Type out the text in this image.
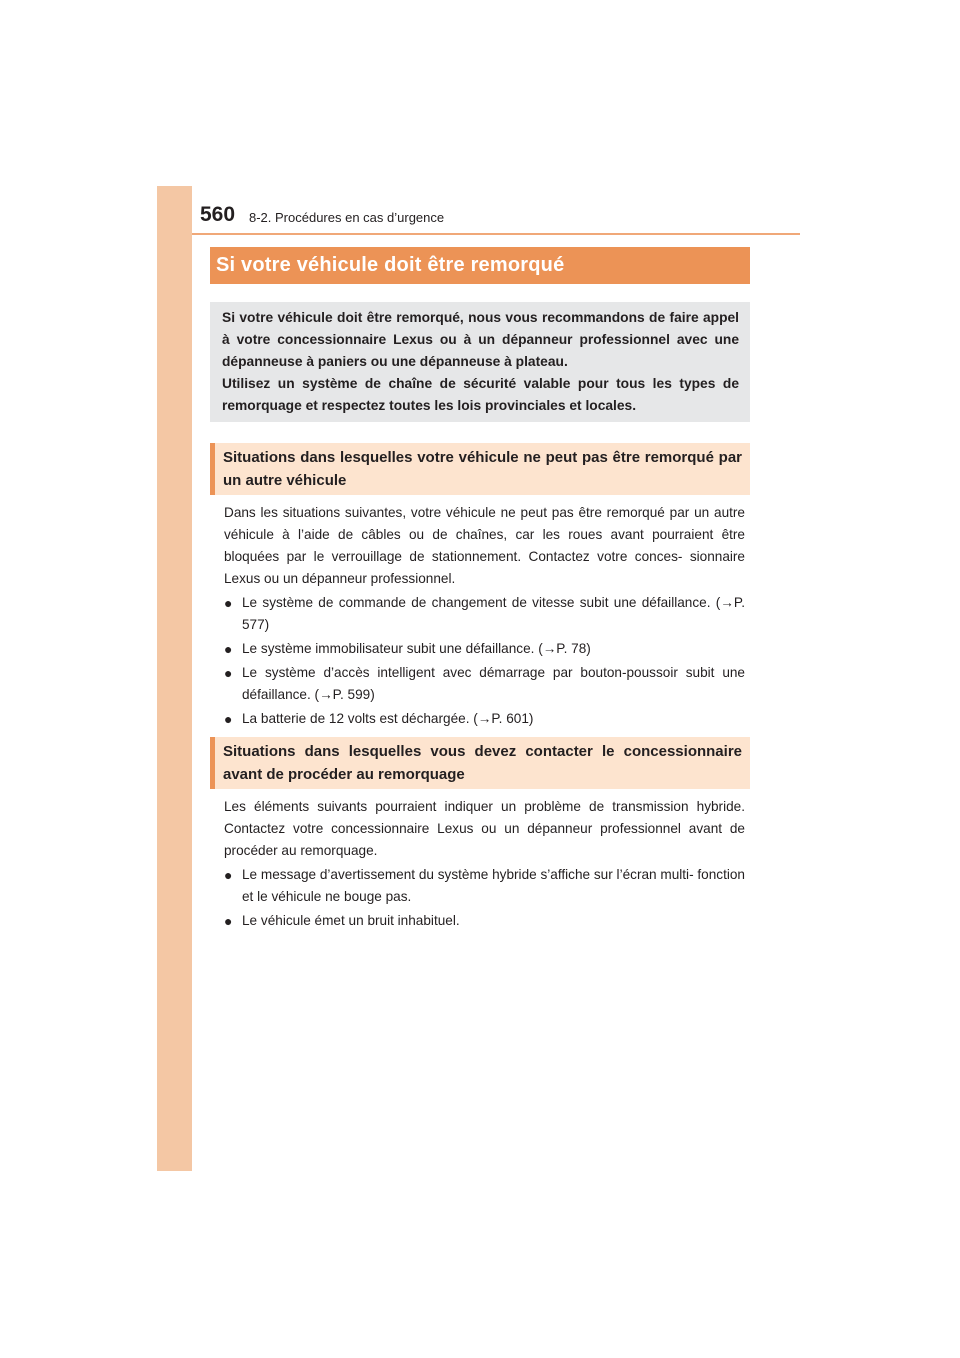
560 8-2. Procédures en cas d’urgence
Si votre véhicule doit être remorqué

Si votre véhicule doit être remorqué, nous vous recommandons de faire appel à votre concessionnaire Lexus ou à un dépanneur professionnel avec une dépanneuse à paniers ou une dépanneuse à plateau.

Utilisez un système de chaîne de sécurité valable pour tous les types de remorquage et respectez toutes les lois provinciales et locales.

Situations dans lesquelles votre véhicule ne peut pas être remorqué par un autre véhicule

Dans les situations suivantes, votre véhicule ne peut pas être remorqué par un autre véhicule à l’aide de câbles ou de chaînes, car les roues avant pourraient être bloquées par le verrouillage de stationnement. Contactez votre conces- sionnaire Lexus ou un dépanneur professionnel.

● Le système de commande de changement de vitesse subit une défaillance. (→P. 577)
● Le système immobilisateur subit une défaillance. (→P. 78)
● Le système d’accès intelligent avec démarrage par bouton-poussoir subit une défaillance. (→P. 599)
● La batterie de 12 volts est déchargée. (→P. 601)

Situations dans lesquelles vous devez contacter le concessionnaire avant de procéder au remorquage

Les éléments suivants pourraient indiquer un problème de transmission hybride. Contactez votre concessionnaire Lexus ou un dépanneur professionnel avant de procéder au remorquage.

● Le message d’avertissement du système hybride s’affiche sur l’écran multi- fonction et le véhicule ne bouge pas.
● Le véhicule émet un bruit inhabituel.
